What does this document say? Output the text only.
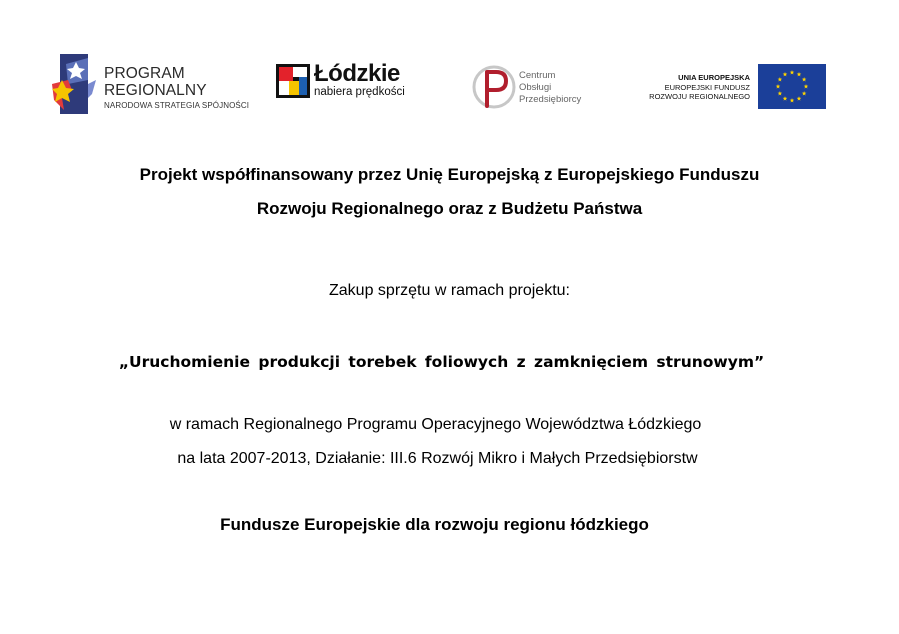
PROGRAM
REGIONALNY
NARODOWA STRATEGIA SPÓJNOŚCI
Łódzkie
nabiera prędkości
Centrum
Obsługi
Przedsiębiorcy
UNIA EUROPEJSKA
EUROPEJSKI FUNDUSZ
ROZWOJU REGIONALNEGO
Projekt współfinansowany przez Unię Europejską z Europejskiego Funduszu
Rozwoju Regionalnego oraz z Budżetu Państwa
Zakup sprzętu w ramach projektu:
„Uruchomienie produkcji torebek foliowych z zamknięciem strunowym”
w ramach Regionalnego Programu Operacyjnego Województwa Łódzkiego
na lata 2007-2013, Działanie: III.6 Rozwój Mikro i Małych Przedsiębiorstw
Fundusze Europejskie dla rozwoju regionu łódzkiego
